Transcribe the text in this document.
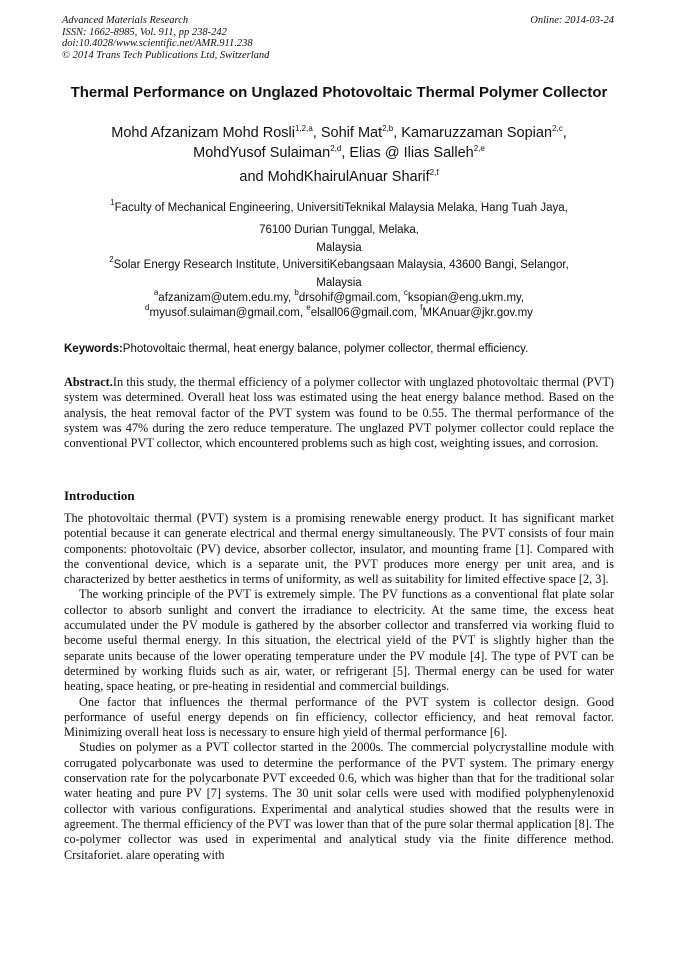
Advanced Materials Research
ISSN: 1662-8985, Vol. 911, pp 238-242
doi:10.4028/www.scientific.net/AMR.911.238
© 2014 Trans Tech Publications Ltd, Switzerland
Online: 2014-03-24
Thermal Performance on Unglazed Photovoltaic Thermal Polymer Collector
Mohd Afzanizam Mohd Rosli$^{1,2,a}$, Sohif Mat$^{2,b}$, Kamaruzzaman Sopian$^{2,c}$,
MohdYusof Sulaiman$^{2,d}$, Elias @ Ilias Salleh$^{2,e}$
and MohdKhairulAnuar Sharif$^{2,f}$
$^1$Faculty of Mechanical Engineering, UniversitiTeknikal Malaysia Melaka, Hang Tuah Jaya,
76100 Durian Tunggal, Melaka,
Malaysia
$^2$Solar Energy Research Institute, UniversitiKebangsaan Malaysia, 43600 Bangi, Selangor,
Malaysia
$^a$afzanizam@utem.edu.my, $^b$drsohif@gmail.com, $^c$ksopian@eng.ukm.my,
$^d$myusof.sulaiman@gmail.com, $^e$elsall06@gmail.com, $^f$MKAnuar@jkr.gov.my
Keywords:Photovoltaic thermal, heat energy balance, polymer collector, thermal efficiency.

Abstract.In this study, the thermal efficiency of a polymer collector with unglazed photovoltaic thermal (PVT) system was determined. Overall heat loss was estimated using the heat energy balance method. Based on the analysis, the heat removal factor of the PVT system was found to be 0.55. The thermal performance of the system was 47% during the zero reduce temperature. The unglazed PVT polymer collector could replace the conventional PVT collector, which encountered problems such as high cost, weighting issues, and corrosion.

Introduction

The photovoltaic thermal (PVT) system is a promising renewable energy product. It has significant market potential because it can generate electrical and thermal energy simultaneously. The PVT consists of four main components: photovoltaic (PV) device, absorber collector, insulator, and mounting frame [1]. Compared with the conventional device, which is a separate unit, the PVT produces more energy per unit area, and is characterized by better aesthetics in terms of uniformity, as well as suitability for limited effective space [2, 3].

The working principle of the PVT is extremely simple. The PV functions as a conventional flat plate solar collector to absorb sunlight and convert the irradiance to electricity. At the same time, the excess heat accumulated under the PV module is gathered by the absorber collector and transferred via working fluid to become useful thermal energy. In this situation, the electrical yield of the PVT is slightly higher than the separate units because of the lower operating temperature under the PV module [4]. The type of PVT can be determined by working fluids such as air, water, or refrigerant [5]. Thermal energy can be used for water heating, space heating, or pre-heating in residential and commercial buildings.

One factor that influences the thermal performance of the PVT system is collector design. Good performance of useful energy depends on fin efficiency, collector efficiency, and heat removal factor. Minimizing overall heat loss is necessary to ensure high yield of thermal performance [6].

Studies on polymer as a PVT collector started in the 2000s. The commercial polycrystalline module with corrugated polycarbonate was used to determine the performance of the PVT system. The primary energy conservation rate for the polycarbonate PVT exceeded 0.6, which was higher than that for the traditional solar water heating and pure PV [7] systems. The 30 unit solar cells were used with modified polyphenylenoxid collector with various configurations. Experimental and analytical studies showed that the results were in agreement. The thermal efficiency of the PVT was lower than that of the pure solar thermal application [8]. The co-polymer collector was used in experimental and analytical study via the finite difference method. Crsitaforiet. alare operating with
